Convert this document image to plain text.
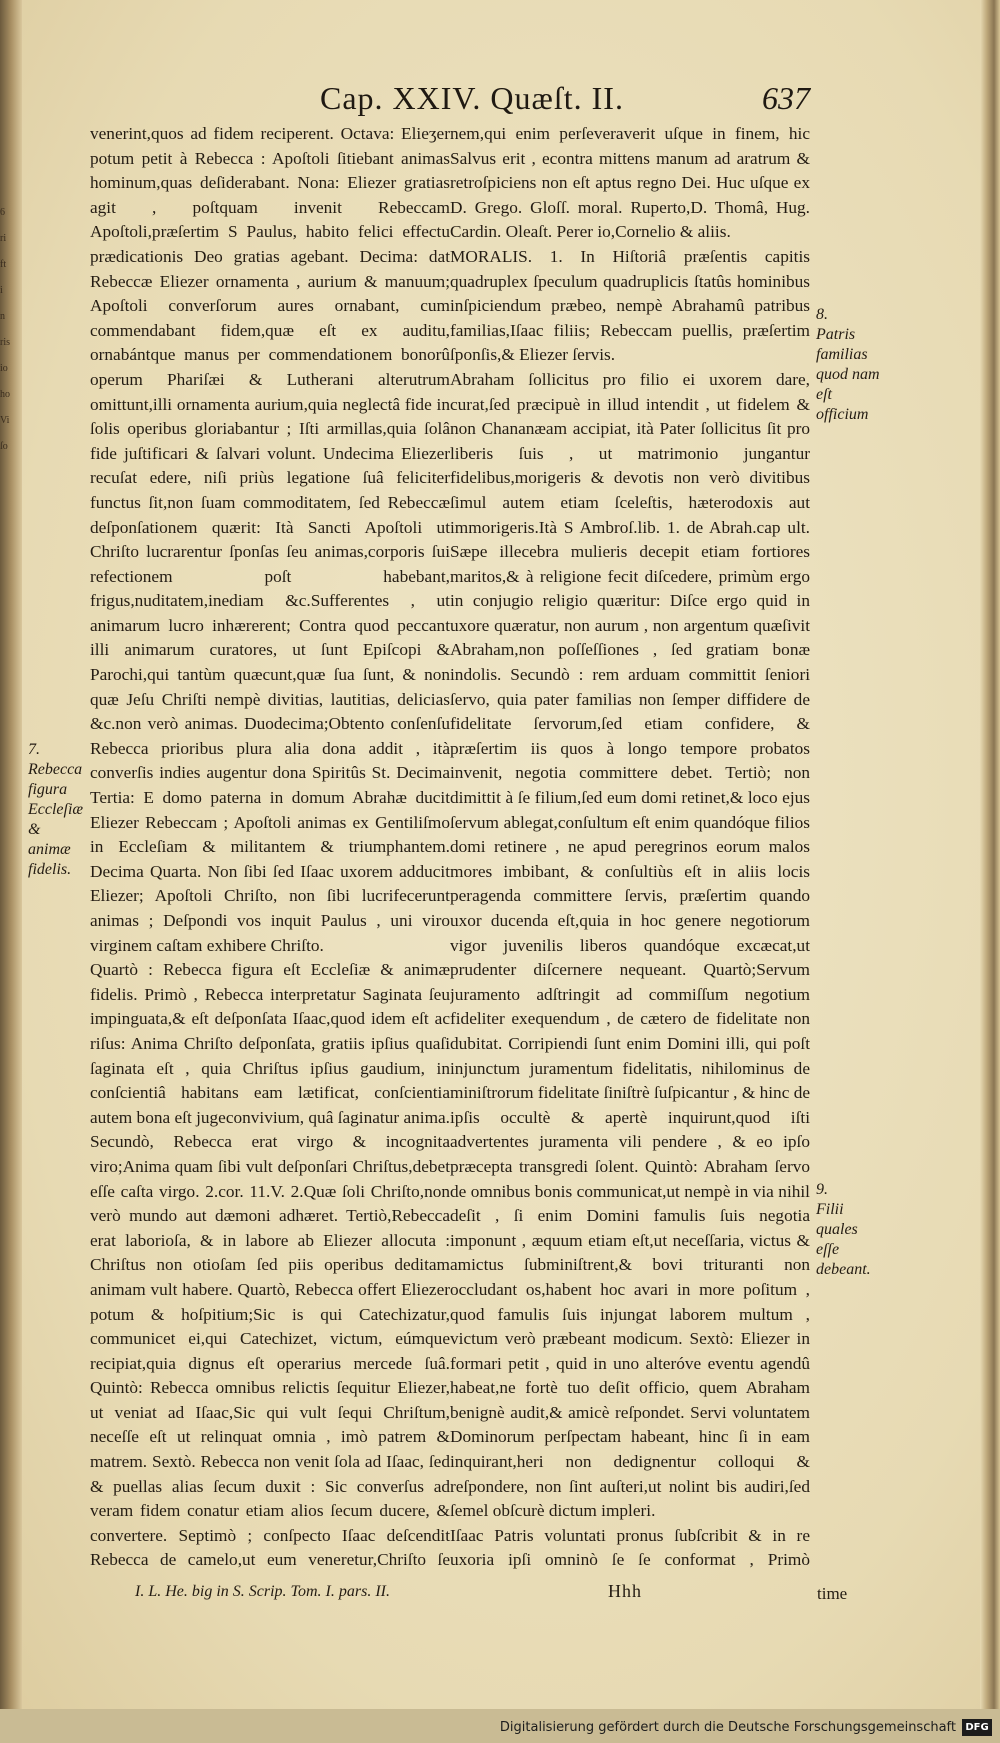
6
ri
ft
i
n
ris
io
ho
Vi
ſo
Cap. XXIV. Quæſt. II.	637
venerint,quos ad fidem reciperent. Octava: Elieʒer potum petit à Rebecca : Apoſtoli ſitiebant animas hominum,quas deſiderabant. Nona: Eliezer gratias agit , poſtquam invenit Rebeccam Apoſtoli,præſertim S Paulus, habito felici effectu prædicationis Deo gratias agebant. Decima: dat Rebeccæ Eliezer ornamenta , aurium & manuum; Apoſtoli converſorum aures ornabant, cum commendabant fidem,quæ eſt ex auditu, ornabántque manus per commendationem bonorû operum Phariſæi & Lutherani alterutrum omittunt,illi ornamenta aurium,quia neglectâ fide in ſolis operibus gloriabantur ; Iſti armillas,quia ſolâ fide juſtificari & ſalvari volunt. Undecima Eliezer recuſat edere, niſi priùs legatione ſuâ feliciter functus ſit,non ſuam commoditatem, ſed Rebeccæ deſponſationem quærit: Ità Sancti Apoſtoli ut Chriſto lucrarentur ſponſas ſeu animas,corporis ſui refectionem poſt habebant, frigus,nuditatem,inediam &c.Sufferentes , ut animarum lucro inhærerent; Contra quod peccant illi animarum curatores, ut ſunt Epiſcopi & Parochi,qui tantùm quæcunt,quæ ſua ſunt, & non quæ Jeſu Chriſti nempè divitias, lautitias, delicias &c.non verò animas. Duodecima;Obtento conſenſu Rebecca prioribus plura alia dona addit , ità converſis indies augentur dona Spiritûs St. Decima Tertia: E domo paterna in domum Abrahæ ducit Eliezer Rebeccam ; Apoſtoli animas ex Gentiliſmo in Eccleſiam & militantem & triumphantem. Decima Quarta. Non ſibi ſed Iſaac uxorem adducit Eliezer; Apoſtoli Chriſto, non ſibi lucrifecerunt animas ; Deſpondi vos inquit Paulus , uni viro virginem caſtam exhibere Chriſto.
Quartò : Rebecca figura eſt Eccleſiæ & animæ fidelis. Primò , Rebecca interpretatur Saginata ſeu impinguata,& eſt deſponſata Iſaac,quod idem eſt ac riſus: Anima Chriſto deſponſata, gratiis ipſius quaſi ſaginata eſt , quia Chriſtus ipſius gaudium, in conſcientiâ habitans eam lætificat, conſcientia autem bona eſt jugeconvivium, quâ ſaginatur anima. Secundò, Rebecca erat virgo & incognita viro;Anima quam ſibi vult deſponſari Chriſtus,debet eſſe caſta virgo. 2.cor. 11.V. 2.Quæ ſoli Chriſto,non verò mundo aut dæmoni adhæret. Tertiò,Rebecca erat laborioſa, & in labore ab Eliezer allocuta : Chriſtus non otioſam ſed piis operibus deditam animam vult habere. Quartò, Rebecca offert Eliezer potum & hoſpitium;Sic is qui Catechizatur, communicet ei,qui Catechizet, victum, eúmque recipiat,quia dignus eſt operarius mercede ſuâ. Quintò: Rebecca omnibus relictis ſequitur Eliezer, ut veniat ad Iſaac,Sic qui vult ſequi Chriſtum, neceſſe eſt ut relinquat omnia , imò patrem & matrem. Sextò. Rebecca non venit ſola ad Iſaac, ſed & puellas alias ſecum duxit : Sic converſus ad veram fidem conatur etiam alios ſecum ducere, & convertere. Septimò ; conſpecto Iſaac deſcendit Rebecca de camelo,ut eum veneretur,Chriſto ſe
nem,qui enim perſeveraverit uſque in finem, hic Salvus erit , econtra mittens manum ad aratrum & retroſpiciens non eſt aptus regno Dei. Huc uſque ex D. Grego. Gloſſ. moral. Ruperto,D. Thomâ, Hug. Cardin. Oleaſt. Perer io,Cornelio & aliis.
MORALIS. 1. In Hiſtoriâ præſentis capitis quadruplex ſpeculum quadruplicis ſtatûs hominibus inſpiciendum præbeo, nempè Abrahamû patribus familias,Iſaac filiis; Rebeccam puellis, præſertim ſponſis,& Eliezer ſervis.
Abraham ſollicitus pro filio ei uxorem dare, curat,ſed præcipuè in illud intendit , ut fidelem & non Chananæam accipiat, ità Pater ſollicitus ſit pro liberis ſuis , ut matrimonio jungantur fidelibus,morigeris & devotis non verò divitibus ſimul autem etiam ſceleſtis, hæterodoxis aut immorigeris.Ità S Ambroſ.lib. 1. de Abrah.cap ult. Sæpe illecebra mulieris decepit etiam fortiores maritos,& à religione fecit diſcedere, primùm ergo in conjugio religio quæritur: Diſce ergo quid in uxore quæratur, non aurum , non argentum quæſivit Abraham,non poſſeſſiones , ſed gratiam bonæ indolis. Secundò : rem arduam committit ſeniori ſervo, quia pater familias non ſemper diffidere de fidelitate ſervorum,ſed etiam confidere, & præſertim iis quos à longo tempore probatos invenit, negotia committere debet. Tertiò; non dimittit à ſe filium,ſed eum domi retinet,& loco ejus ſervum ablegat,conſultum eſt enim quandóque filios domi retinere , ne apud peregrinos eorum malos mores imbibant, & conſultiùs eſt in aliis locis peragenda committere ſervis, præſertim quando uxor ducenda eſt,quia in hoc genere negotiorum vigor juvenilis liberos quandóque excæcat,ut prudenter diſcernere nequeant. Quartò;Servum juramento adſtringit ad commiſſum negotium fideliter exequendum , de cætero de fidelitate non dubitat. Corripiendi ſunt enim Domini illi, qui poſt injunctum juramentum fidelitatis, nihilominus de miniſtrorum fidelitate ſiniſtrè ſuſpicantur , & hinc de ipſis occultè & apertè inquirunt,quod iſti advertentes juramenta vili pendere , & eo ipſo præcepta transgredi ſolent. Quintò: Abraham ſervo de omnibus bonis communicat,ut nempè in via nihil deſit , ſi enim Domini famulis ſuis negotia imponunt , æquum etiam eſt,ut neceſſaria, victus & amictus ſubminiſtrent,& bovi trituranti non occludant os,habent hoc avari in more poſitum , quod famulis ſuis injungat laborem multum , victum verò præbeant modicum. Sextò: Eliezer in formari petit , quid in uno alteróve eventu agendû habeat,ne fortè tuo deſit officio, quem Abraham benignè audit,& amicè reſpondet. Servi voluntatem Dominorum perſpectam habeant, hinc ſi in eam inquirant,heri non dedignentur colloqui & reſpondere, non ſint auſteri,ut nolint bis audiri,ſed ſemel obſcurè dictum impleri.
Iſaac Patris voluntati pronus ſubſcribit & in re uxoria ipſi omninò ſe ſe conformat , Primò
7.
Rebecca figura Eccleſiæ & animæ fidelis.
8.
Patris familias quod nam eſt officium
9.
Filii quales eſſe debeant.
I. L. He. big in S. Scrip. Tom. I. pars. II.	Hhh	time
Digitalisierung gefördert durch die Deutsche Forschungsgemeinschaft DFG
